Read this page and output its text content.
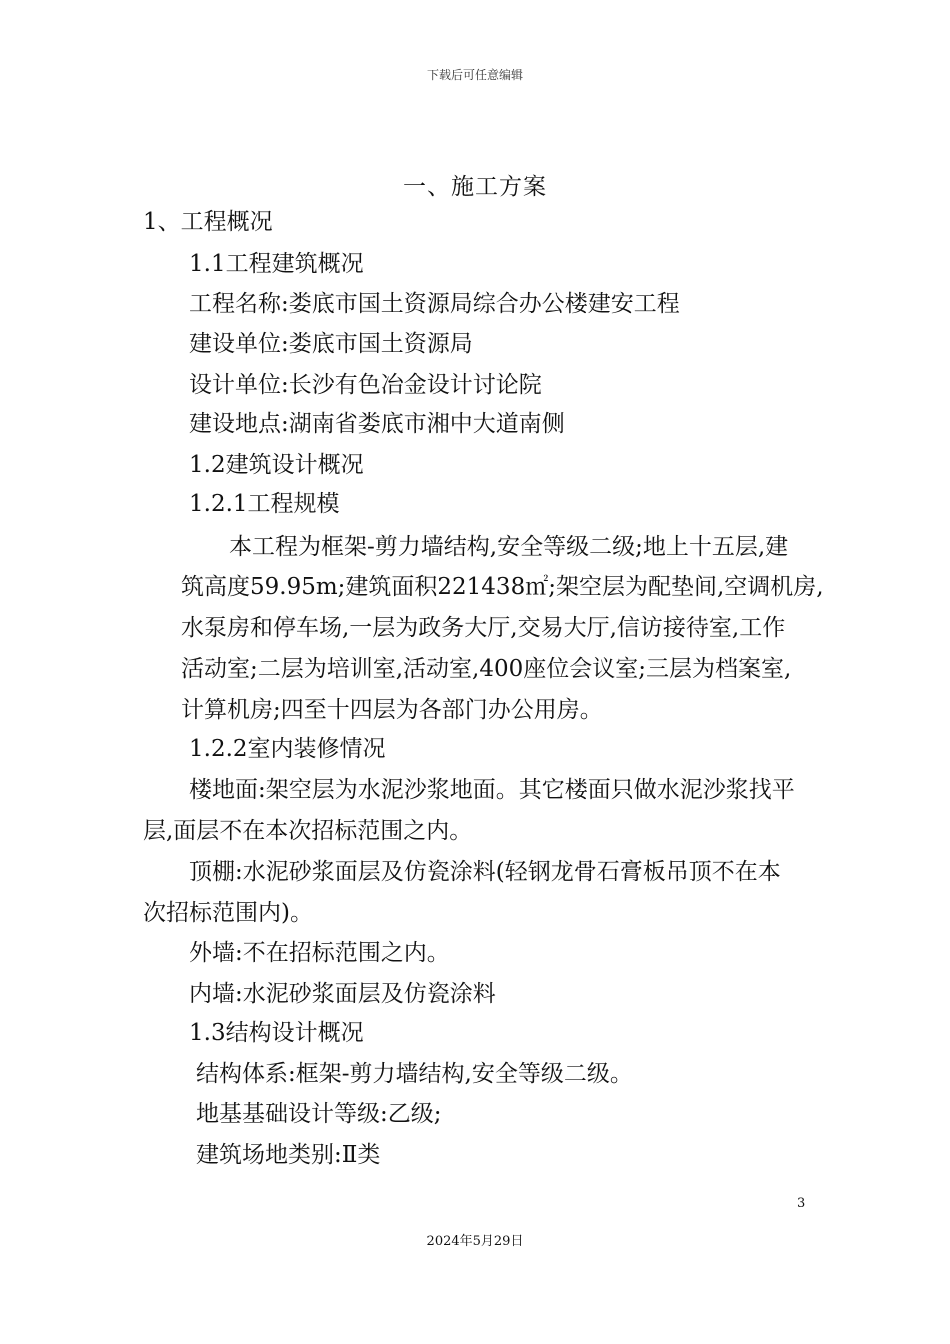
下载后可任意编辑
一、施工方案
1、工程概况
1.1工程建筑概况
工程名称:娄底市国土资源局综合办公楼建安工程
建设单位:娄底市国土资源局
设计单位:长沙有色冶金设计讨论院
建设地点:湖南省娄底市湘中大道南侧
1.2建筑设计概况
1.2.1工程规模
本工程为框架-剪力墙结构,安全等级二级;地上十五层,建
筑高度59.95m;建筑面积221438㎡;架空层为配垫间,空调机房,
水泵房和停车场,一层为政务大厅,交易大厅,信访接待室,工作
活动室;二层为培训室,活动室,400座位会议室;三层为档案室,
计算机房;四至十四层为各部门办公用房。
1.2.2室内装修情况
楼地面:架空层为水泥沙浆地面。其它楼面只做水泥沙浆找平
层,面层不在本次招标范围之内。
顶棚:水泥砂浆面层及仿瓷涂料(轻钢龙骨石膏板吊顶不在本
次招标范围内)。
外墙:不在招标范围之内。
内墙:水泥砂浆面层及仿瓷涂料
1.3结构设计概况
结构体系:框架-剪力墙结构,安全等级二级。
地基基础设计等级:乙级;
建筑场地类别:Ⅱ类
3
2024年5月29日
